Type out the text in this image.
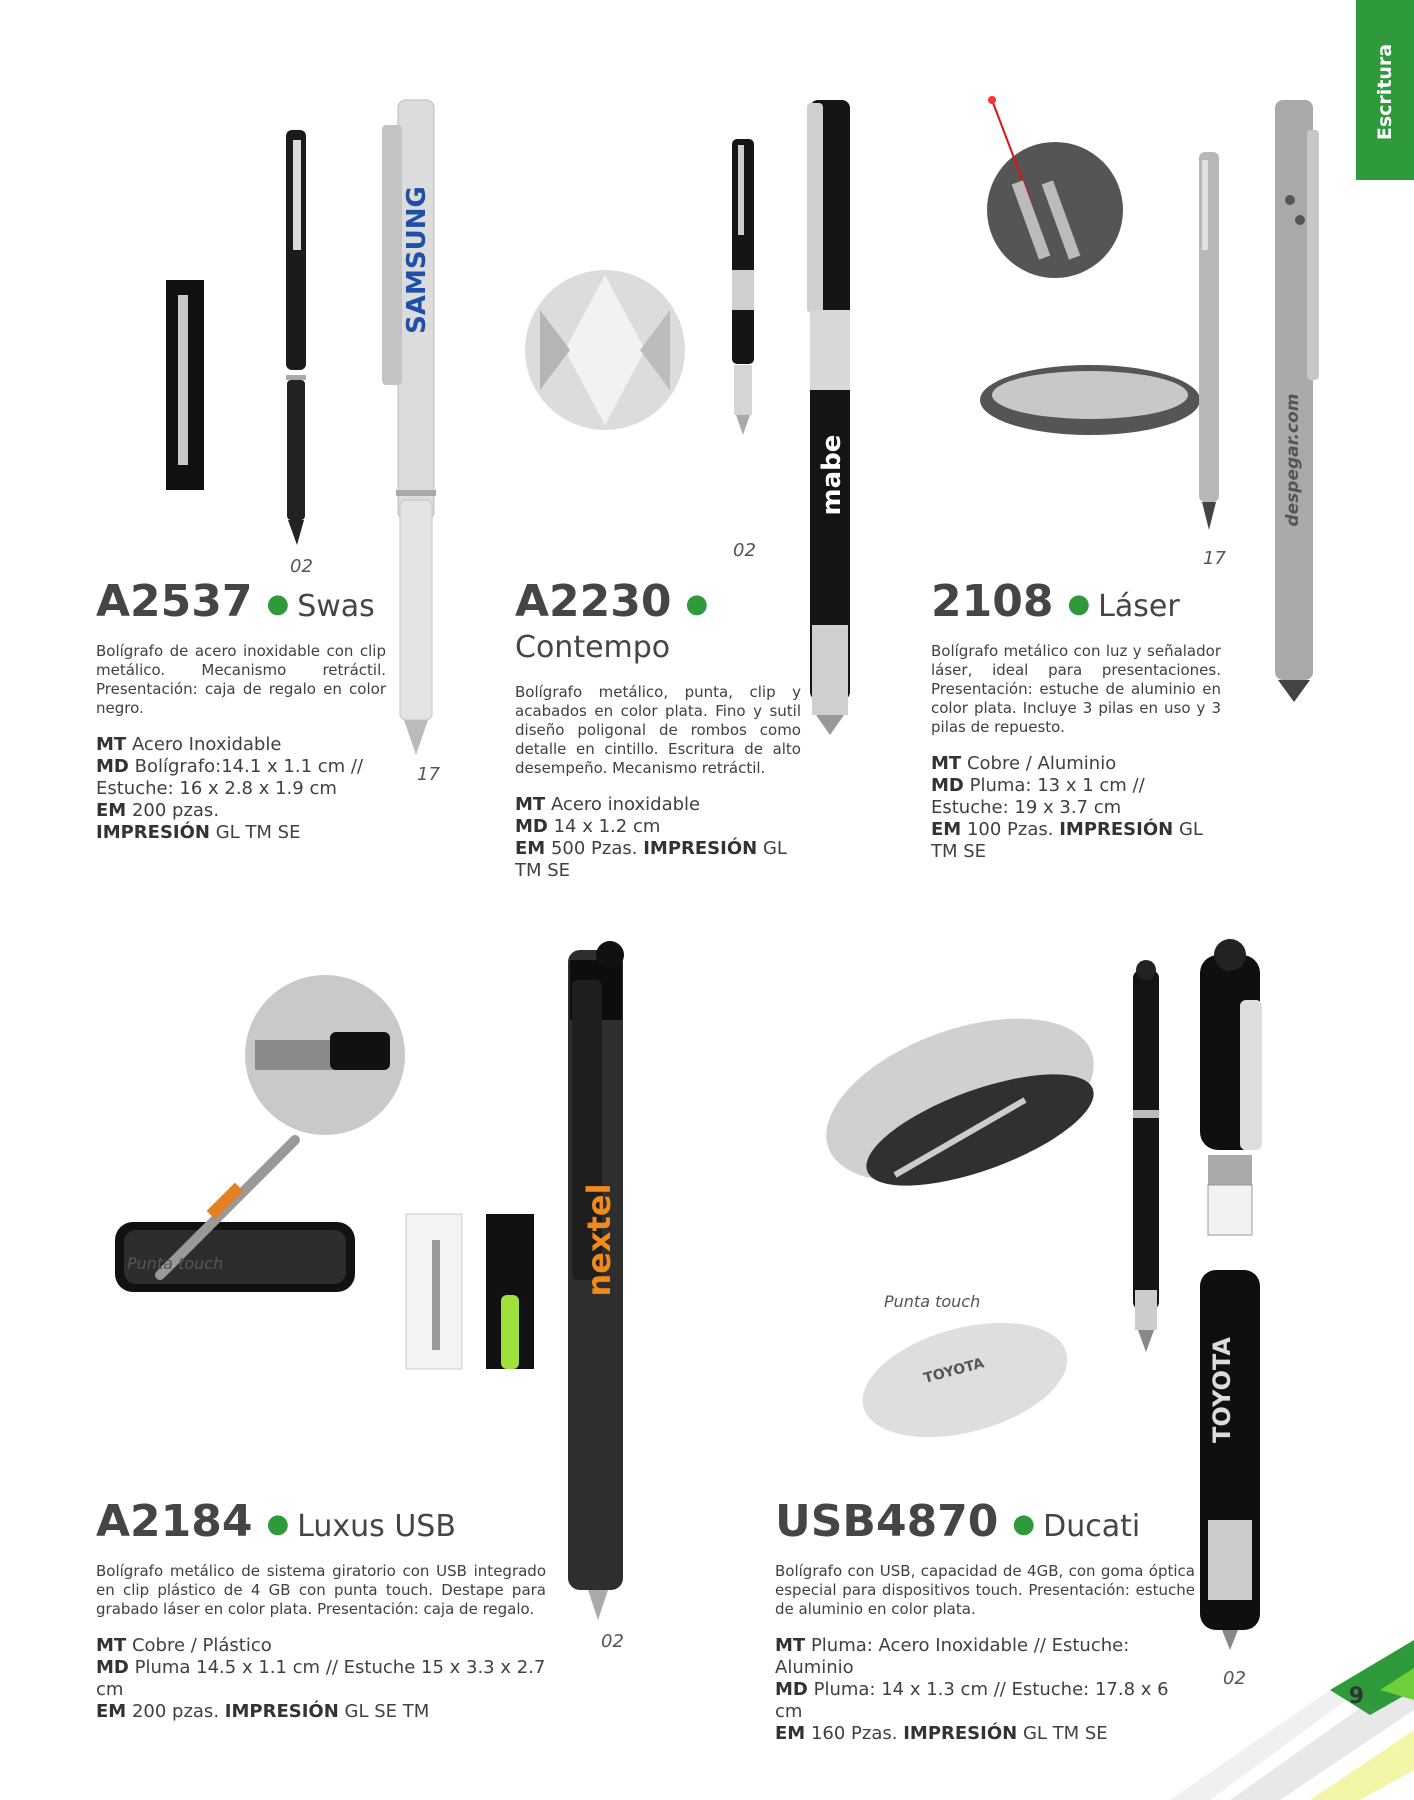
Escritura
SAMSUNG
02
17
mabe
02
despegar.com
17
nextel
Punta touch
02
TOYOTA	TOYOTA
Punta touch
02
A2537 ● Swas
Bolígrafo de acero inoxidable con clip metálico. Mecanismo retráctil. Presentación: caja de regalo en color negro.
MT Acero Inoxidable
MD Bolígrafo:14.1 x 1.1 cm // Estuche: 16 x 2.8 x 1.9 cm
EM 200 pzas.
IMPRESIÓN GL TM SE
A2230 ●
Contempo
Bolígrafo metálico, punta, clip y acabados en color plata. Fino y sutil diseño poligonal de rombos como detalle en cintillo. Escritura de alto desempeño. Mecanismo retráctil.
MT Acero inoxidable
MD 14 x 1.2 cm
EM 500 Pzas. IMPRESIÓN GL TM SE
2108 ● Láser
Bolígrafo metálico con luz y señalador láser, ideal para presentaciones. Presentación: estuche de aluminio en color plata. Incluye 3 pilas en uso y 3 pilas de repuesto.
MT Cobre / Aluminio
MD Pluma: 13 x 1 cm // Estuche: 19 x 3.7 cm
EM 100 Pzas. IMPRESIÓN GL TM SE
A2184 ● Luxus USB
Bolígrafo metálico de sistema giratorio con USB integrado en clip plástico de 4 GB con punta touch. Destape para grabado láser en color plata. Presentación: caja de regalo.
MT Cobre / Plástico
MD Pluma 14.5 x 1.1 cm // Estuche 15 x 3.3 x 2.7 cm
EM 200 pzas. IMPRESIÓN GL SE TM
USB4870 ● Ducati
Bolígrafo con USB, capacidad de 4GB, con goma óptica especial para dispositivos touch. Presentación: estuche de aluminio en color plata.
MT Pluma: Acero Inoxidable // Estuche: Aluminio
MD Pluma: 14 x 1.3 cm // Estuche: 17.8 x 6 cm
EM 160 Pzas. IMPRESIÓN GL TM SE
9
